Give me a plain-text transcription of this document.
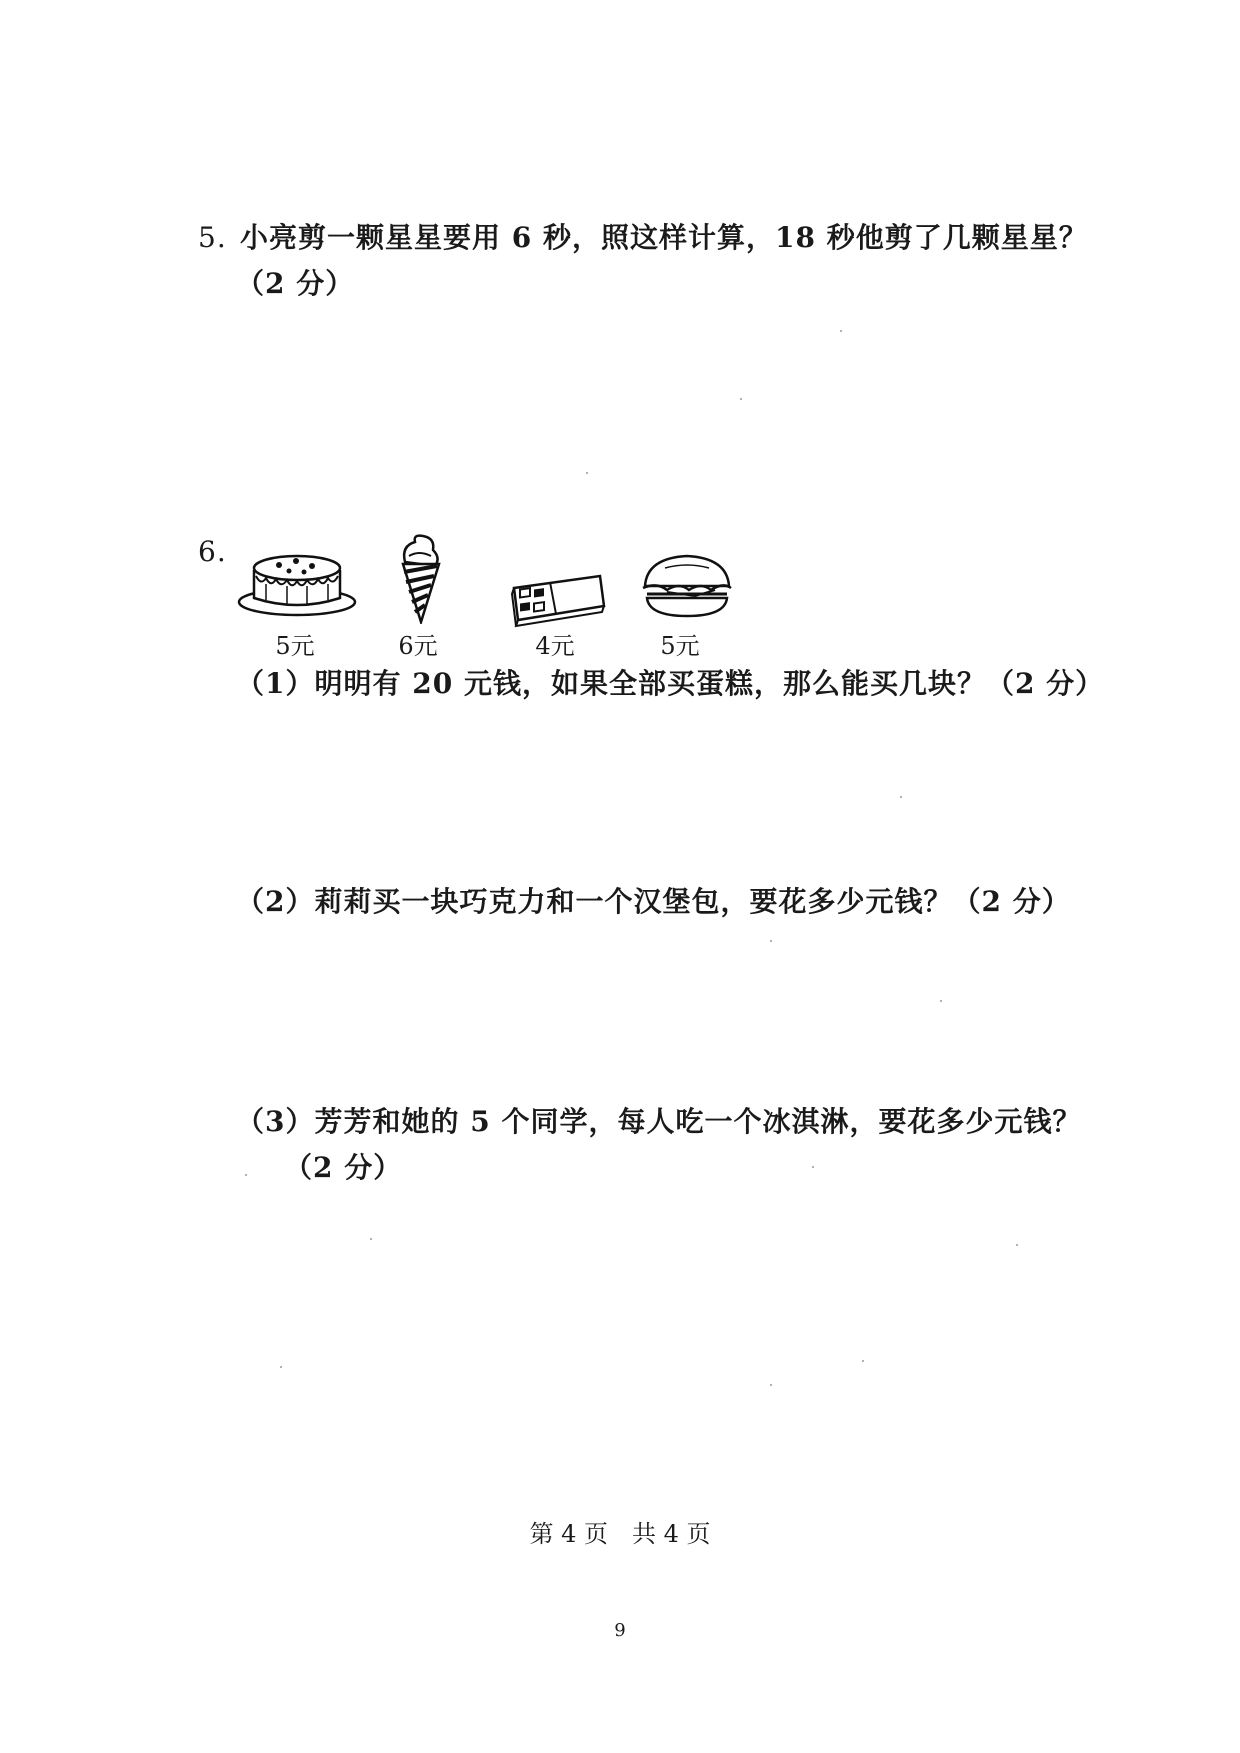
5. 小亮剪一颗星星要用 6 秒，照这样计算，18 秒他剪了几颗星星？
（2 分）
6.
5元	6元	4元	5元
（1）明明有 20 元钱，如果全部买蛋糕，那么能买几块？（2 分）
（2）莉莉买一块巧克力和一个汉堡包，要花多少元钱？（2 分）
（3）芳芳和她的 5 个同学，每人吃一个冰淇淋，要花多少元钱？
（2 分）
第 4 页　共 4 页
9
